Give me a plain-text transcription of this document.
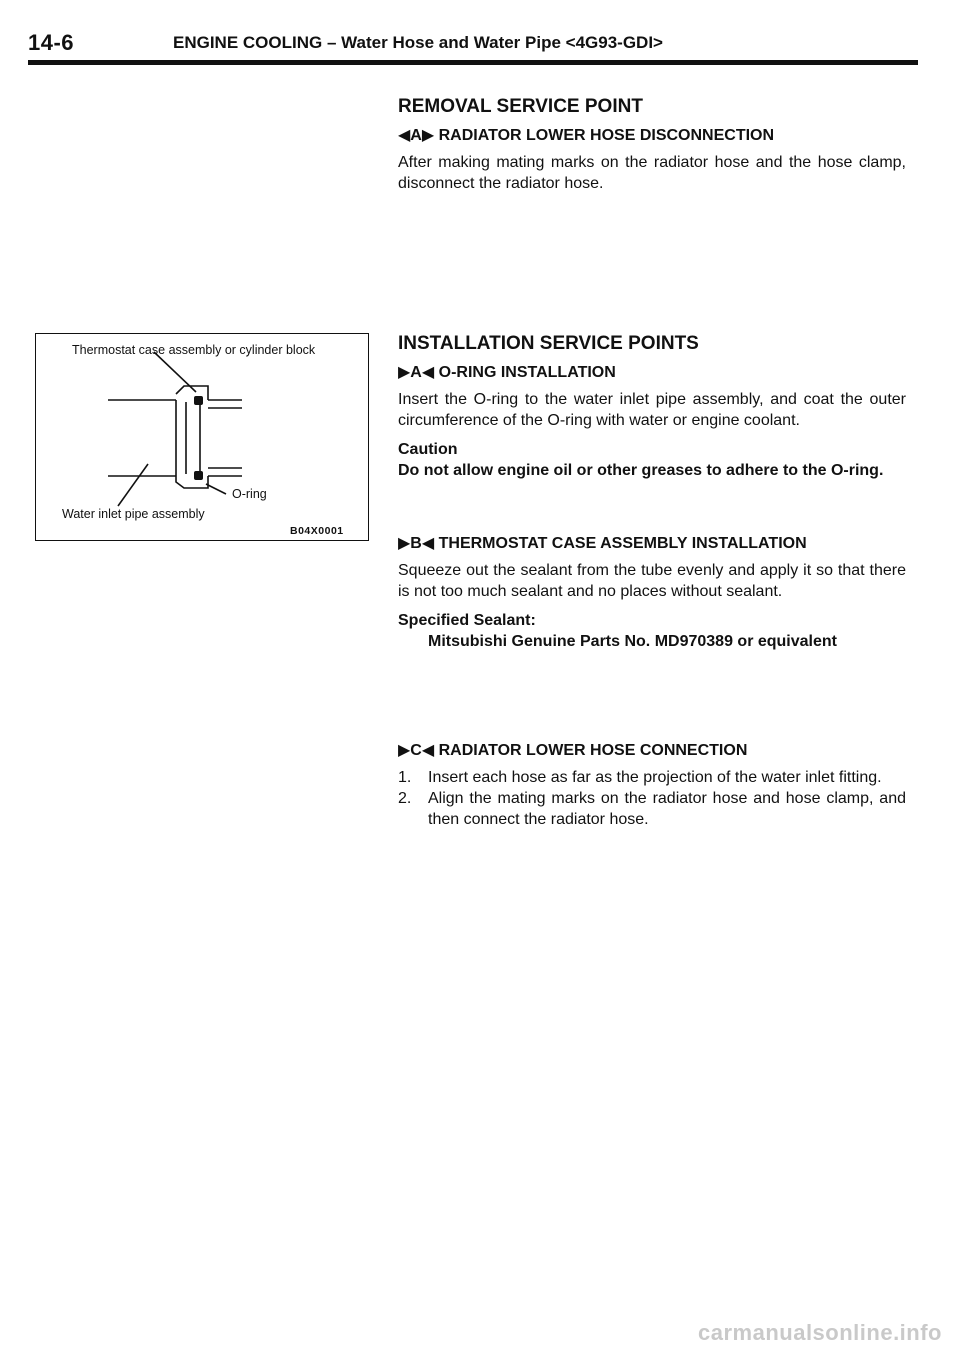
14-6	ENGINE COOLING – Water Hose and Water Pipe <4G93-GDI>
REMOVAL SERVICE POINT
◀A▶ RADIATOR LOWER HOSE DISCONNECTION
After making mating marks on the radiator hose and the hose clamp, disconnect the radiator hose.
Thermostat case assembly or cylinder block
O-ring
Water inlet pipe assembly
B04X0001
INSTALLATION SERVICE POINTS
▶A◀ O-RING INSTALLATION
Insert the O-ring to the water inlet pipe assembly, and coat the outer circumference of the O-ring with water or engine coolant.
Caution
Do not allow engine oil or other greases to adhere to the O-ring.
▶B◀ THERMOSTAT CASE ASSEMBLY INSTALLATION
Squeeze out the sealant from the tube evenly and apply it so that there is not too much sealant and no places without sealant.
Specified Sealant:
Mitsubishi Genuine Parts No. MD970389 or equivalent
▶C◀ RADIATOR LOWER HOSE CONNECTION
1.	Insert each hose as far as the projection of the water inlet fitting.
2.	Align the mating marks on the radiator hose and hose clamp, and then connect the radiator hose.
carmanualsonline.info
